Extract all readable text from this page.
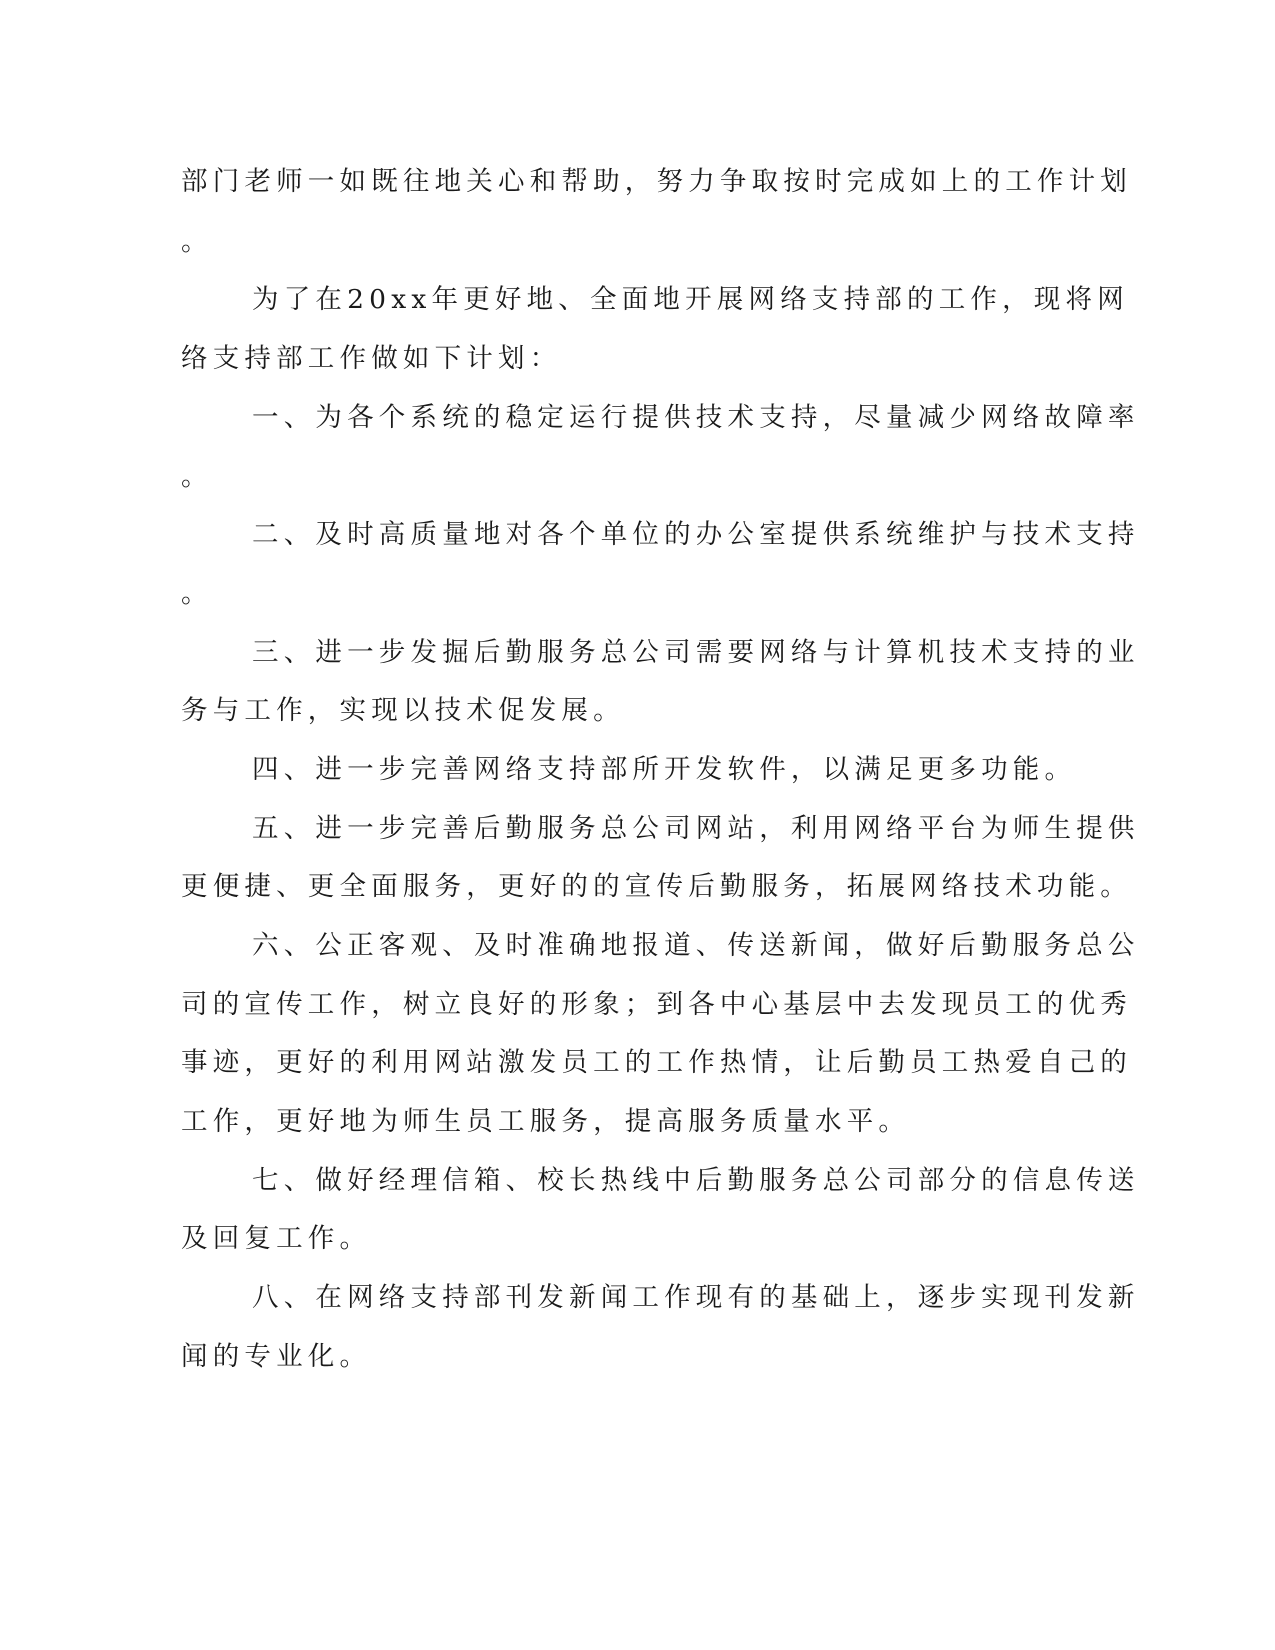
部门老师一如既往地关心和帮助，努力争取按时完成如上的工作计划
。
为了在20xx年更好地、全面地开展网络支持部的工作，现将网
络支持部工作做如下计划：
一、为各个系统的稳定运行提供技术支持，尽量减少网络故障率
。
二、及时高质量地对各个单位的办公室提供系统维护与技术支持
。
三、进一步发掘后勤服务总公司需要网络与计算机技术支持的业
务与工作，实现以技术促发展。
四、进一步完善网络支持部所开发软件，以满足更多功能。
五、进一步完善后勤服务总公司网站，利用网络平台为师生提供
更便捷、更全面服务，更好的的宣传后勤服务，拓展网络技术功能。
六、公正客观、及时准确地报道、传送新闻，做好后勤服务总公
司的宣传工作，树立良好的形象；到各中心基层中去发现员工的优秀
事迹，更好的利用网站激发员工的工作热情，让后勤员工热爱自己的
工作，更好地为师生员工服务，提高服务质量水平。
七、做好经理信箱、校长热线中后勤服务总公司部分的信息传送
及回复工作。
八、在网络支持部刊发新闻工作现有的基础上，逐步实现刊发新
闻的专业化。
